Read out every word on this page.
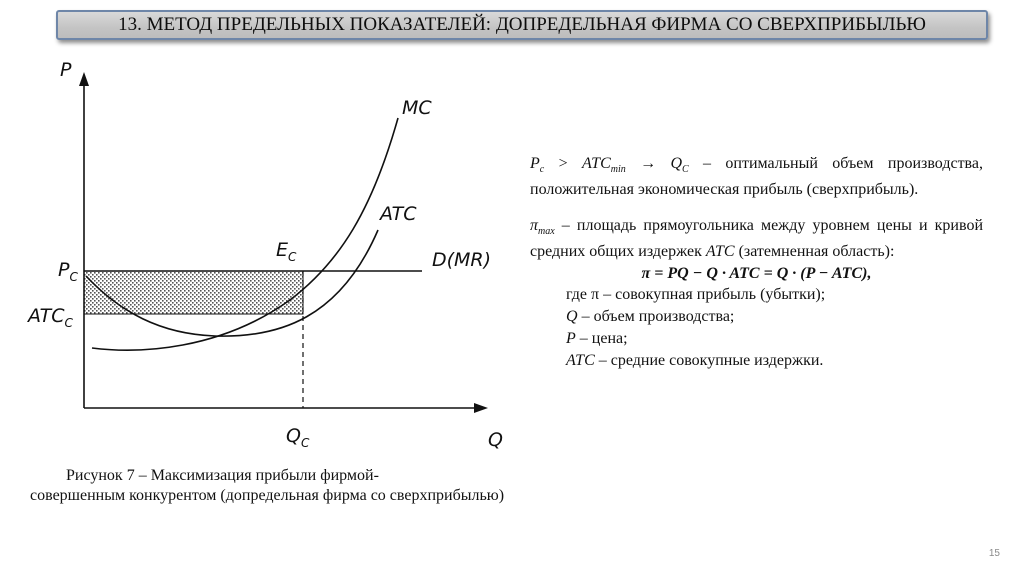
13. МЕТОД ПРЕДЕЛЬНЫХ ПОКАЗАТЕЛЕЙ: ДОПРЕДЕЛЬНАЯ ФИРМА СО СВЕРХПРИБЫЛЬЮ
P
Q
MC
ATC
D(MR)
$E_C$
$P_C$
$ATC_C$
$Q_C$
Рисунок 7 – Максимизация прибыли фирмой-
совершенным конкурентом (допредельная фирма со сверхприбылью)
$P_c > ATC_{min} \to Q_C$ – оптимальный объем производства, положительная экономическая прибыль (сверхприбыль).
$\pi_{max}$ – площадь прямоугольника между уровнем цены и кривой средних общих издержек ATC (затемненная область):
π = PQ − Q · ATC = Q · (P − ATC),
где π – совокупная прибыль (убытки);
Q – объем производства;
P – цена;
ATC – средние совокупные издержки.
15
